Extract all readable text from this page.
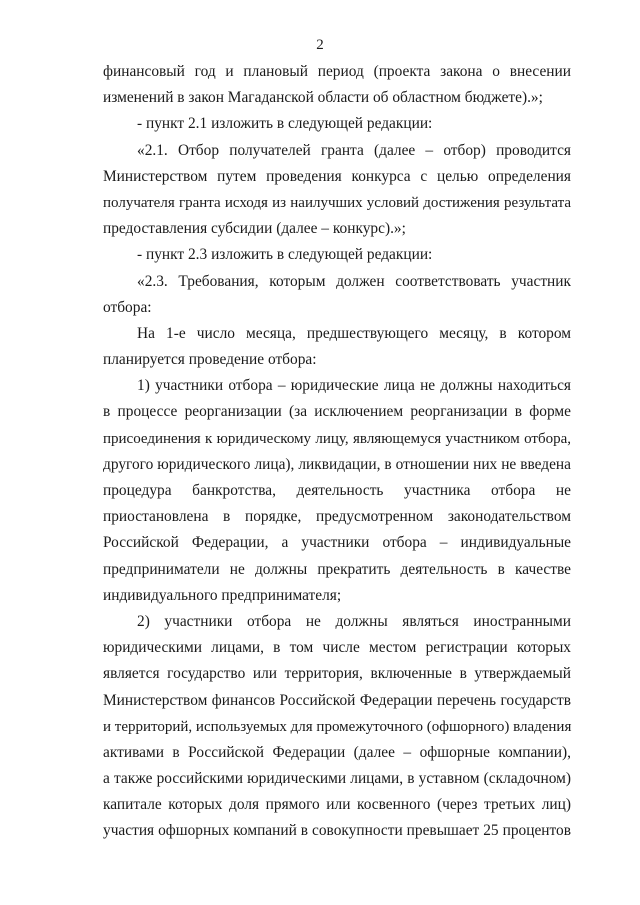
2
финансовый год и плановый период (проекта закона о внесении
изменений в закон Магаданской области об областном бюджете).»;
- пункт 2.1 изложить в следующей редакции:
«2.1. Отбор получателей гранта (далее – отбор) проводится
Министерством путем проведения конкурса с целью определения
получателя гранта исходя из наилучших условий достижения результата
предоставления субсидии (далее – конкурс).»;
- пункт 2.3 изложить в следующей редакции:
«2.3. Требования, которым должен соответствовать участник
отбора:
На 1-е число месяца, предшествующего месяцу, в котором
планируется проведение отбора:
1) участники отбора – юридические лица не должны находиться
в процессе реорганизации (за исключением реорганизации в форме
присоединения к юридическому лицу, являющемуся участником отбора,
другого юридического лица), ликвидации, в отношении них не введена
процедура банкротства, деятельность участника отбора не
приостановлена в порядке, предусмотренном законодательством
Российской Федерации, а участники отбора – индивидуальные
предприниматели не должны прекратить деятельность в качестве
индивидуального предпринимателя;
2) участники отбора не должны являться иностранными
юридическими лицами, в том числе местом регистрации которых
является государство или территория, включенные в утверждаемый
Министерством финансов Российской Федерации перечень государств
и территорий, используемых для промежуточного (офшорного) владения
активами в Российской Федерации (далее – офшорные компании),
а также российскими юридическими лицами, в уставном (складочном)
капитале которых доля прямого или косвенного (через третьих лиц)
участия офшорных компаний в совокупности превышает 25 процентов
